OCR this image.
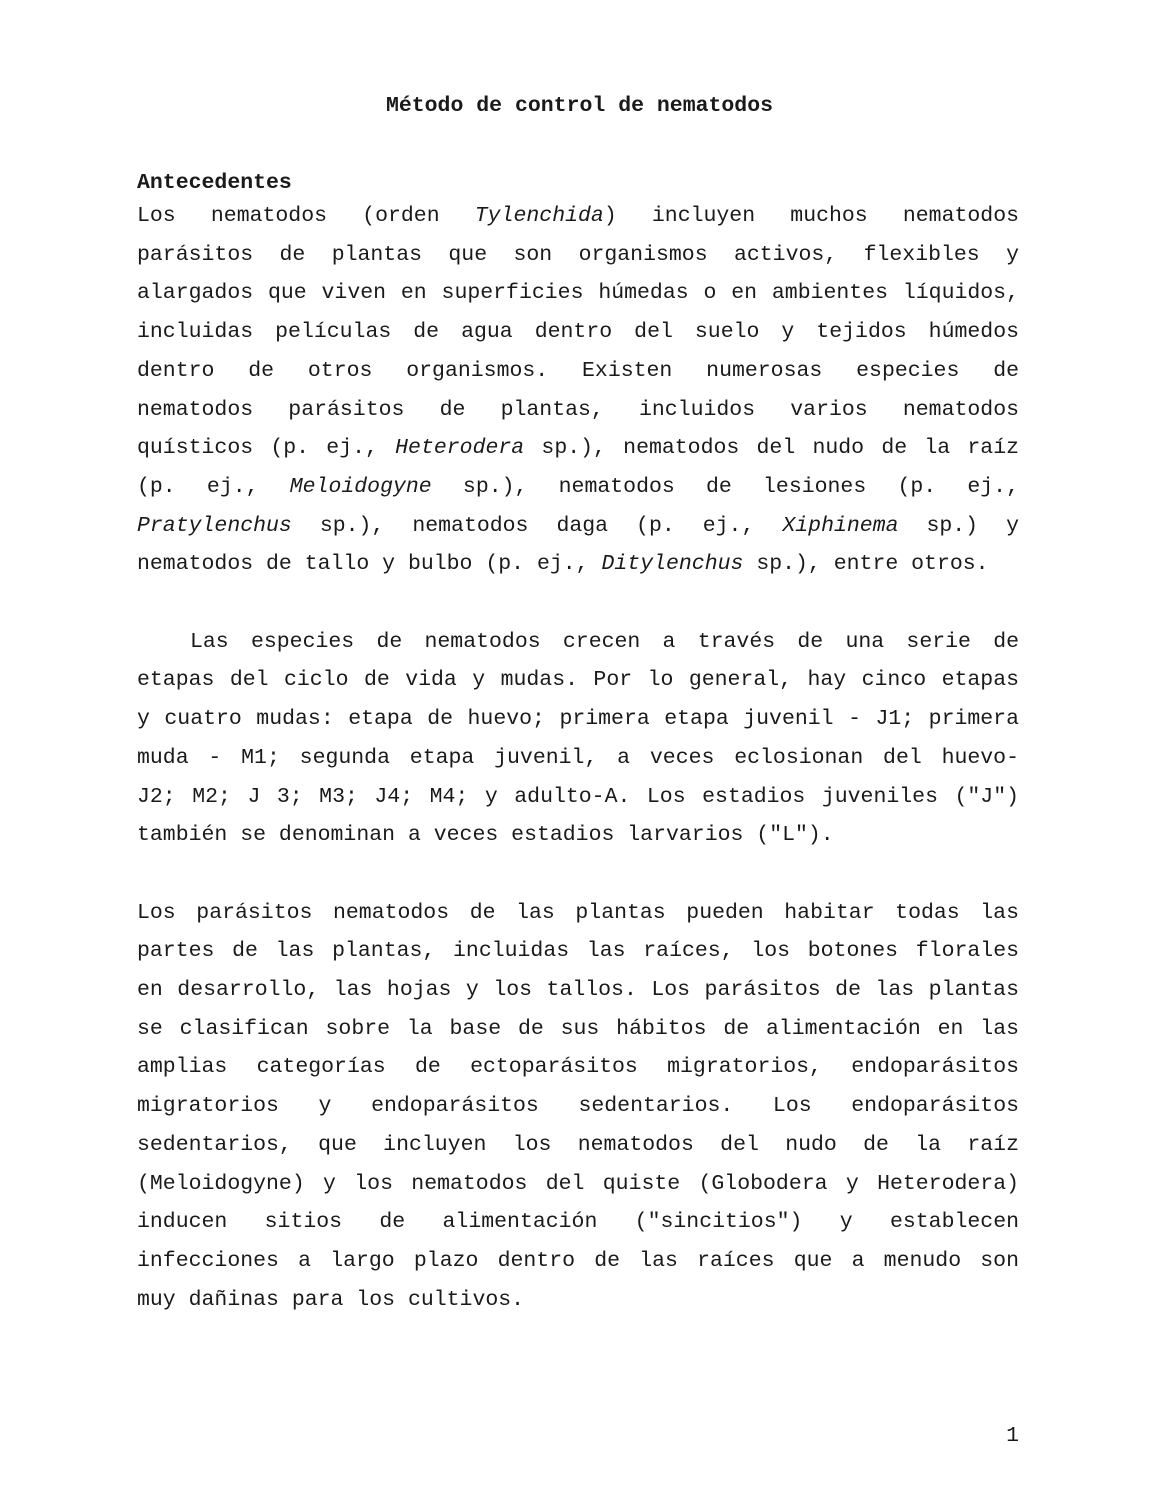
Método de control de nematodos
Antecedentes

Los nematodos (orden Tylenchida) incluyen muchos nematodos
parásitos de plantas que son organismos activos, flexibles y
alargados que viven en superficies húmedas o en ambientes líquidos,
incluidas películas de agua dentro del suelo y tejidos húmedos
dentro de otros organismos. Existen numerosas especies de
nematodos parásitos de plantas, incluidos varios nematodos
quísticos (p. ej., Heterodera sp.), nematodos del nudo de la raíz
(p. ej., Meloidogyne sp.), nematodos de lesiones (p. ej.,
Pratylenchus sp.), nematodos daga (p. ej., Xiphinema sp.) y
nematodos de tallo y bulbo (p. ej., Ditylenchus sp.), entre otros.

Las especies de nematodos crecen a través de una serie de
etapas del ciclo de vida y mudas. Por lo general, hay cinco etapas
y cuatro mudas: etapa de huevo; primera etapa juvenil - J1; primera
muda - M1; segunda etapa juvenil, a veces eclosionan del huevo-
J2; M2; J 3; M3; J4; M4; y adulto-A. Los estadios juveniles ("J")
también se denominan a veces estadios larvarios ("L").

Los parásitos nematodos de las plantas pueden habitar todas las
partes de las plantas, incluidas las raíces, los botones florales
en desarrollo, las hojas y los tallos. Los parásitos de las plantas
se clasifican sobre la base de sus hábitos de alimentación en las
amplias categorías de ectoparásitos migratorios, endoparásitos
migratorios y endoparásitos sedentarios. Los endoparásitos
sedentarios, que incluyen los nematodos del nudo de la raíz
(Meloidogyne) y los nematodos del quiste (Globodera y Heterodera)
inducen sitios de alimentación ("sincitios") y establecen
infecciones a largo plazo dentro de las raíces que a menudo son
muy dañinas para los cultivos.

1
